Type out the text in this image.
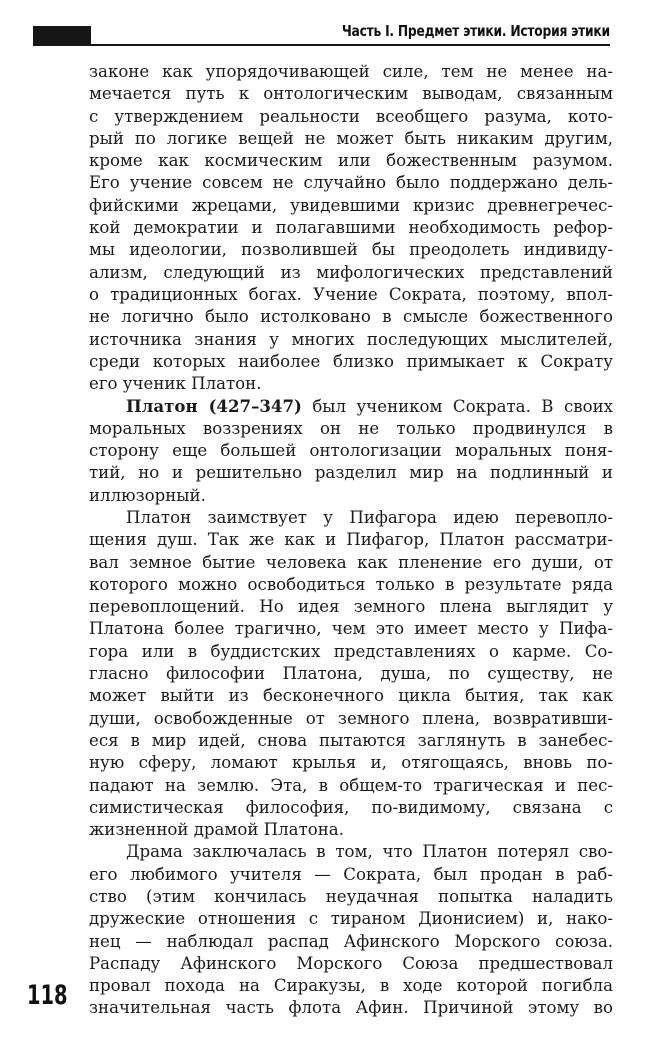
Часть I. Предмет этики. История этики
законе как упорядочивающей силе, тем не менее на-
мечается путь к онтологическим выводам, связанным
с утверждением реальности всеобщего разума, кото-
рый по логике вещей не может быть никаким другим,
кроме как космическим или божественным разумом.
Его учение совсем не случайно было поддержано дель-
фийскими жрецами, увидевшими кризис древнегречес-
кой демократии и полагавшими необходимость рефор-
мы идеологии, позволившей бы преодолеть индивиду-
ализм, следующий из мифологических представлений
о традиционных богах. Учение Сократа, поэтому, впол-
не логично было истолковано в смысле божественного
источника знания у многих последующих мыслителей,
среди которых наиболее близко примыкает к Сократу
его ученик Платон.
Платон (427–347) был учеником Сократа. В своих
моральных воззрениях он не только продвинулся в
сторону еще большей онтологизации моральных поня-
тий, но и решительно разделил мир на подлинный и
иллюзорный.
Платон заимствует у Пифагора идею перевопло-
щения душ. Так же как и Пифагор, Платон рассматри-
вал земное бытие человека как пленение его души, от
которого можно освободиться только в результате ряда
перевоплощений. Но идея земного плена выглядит у
Платона более трагично, чем это имеет место у Пифа-
гора или в буддистских представлениях о карме. Со-
гласно философии Платона, душа, по существу, не
может выйти из бесконечного цикла бытия, так как
души, освобожденные от земного плена, возвративши-
еся в мир идей, снова пытаются заглянуть в занебес-
ную сферу, ломают крылья и, отягощаясь, вновь по-
падают на землю. Эта, в общем-то трагическая и пес-
симистическая философия, по-видимому, связана с
жизненной драмой Платона.
Драма заключалась в том, что Платон потерял сво-
его любимого учителя — Сократа, был продан в раб-
ство (этим кончилась неудачная попытка наладить
дружеские отношения с тираном Дионисием) и, нако-
нец — наблюдал распад Афинского Морского союза.
Распаду Афинского Морского Союза предшествовал
провал похода на Сиракузы, в ходе которой погибла
значительная часть флота Афин. Причиной этому во
118
